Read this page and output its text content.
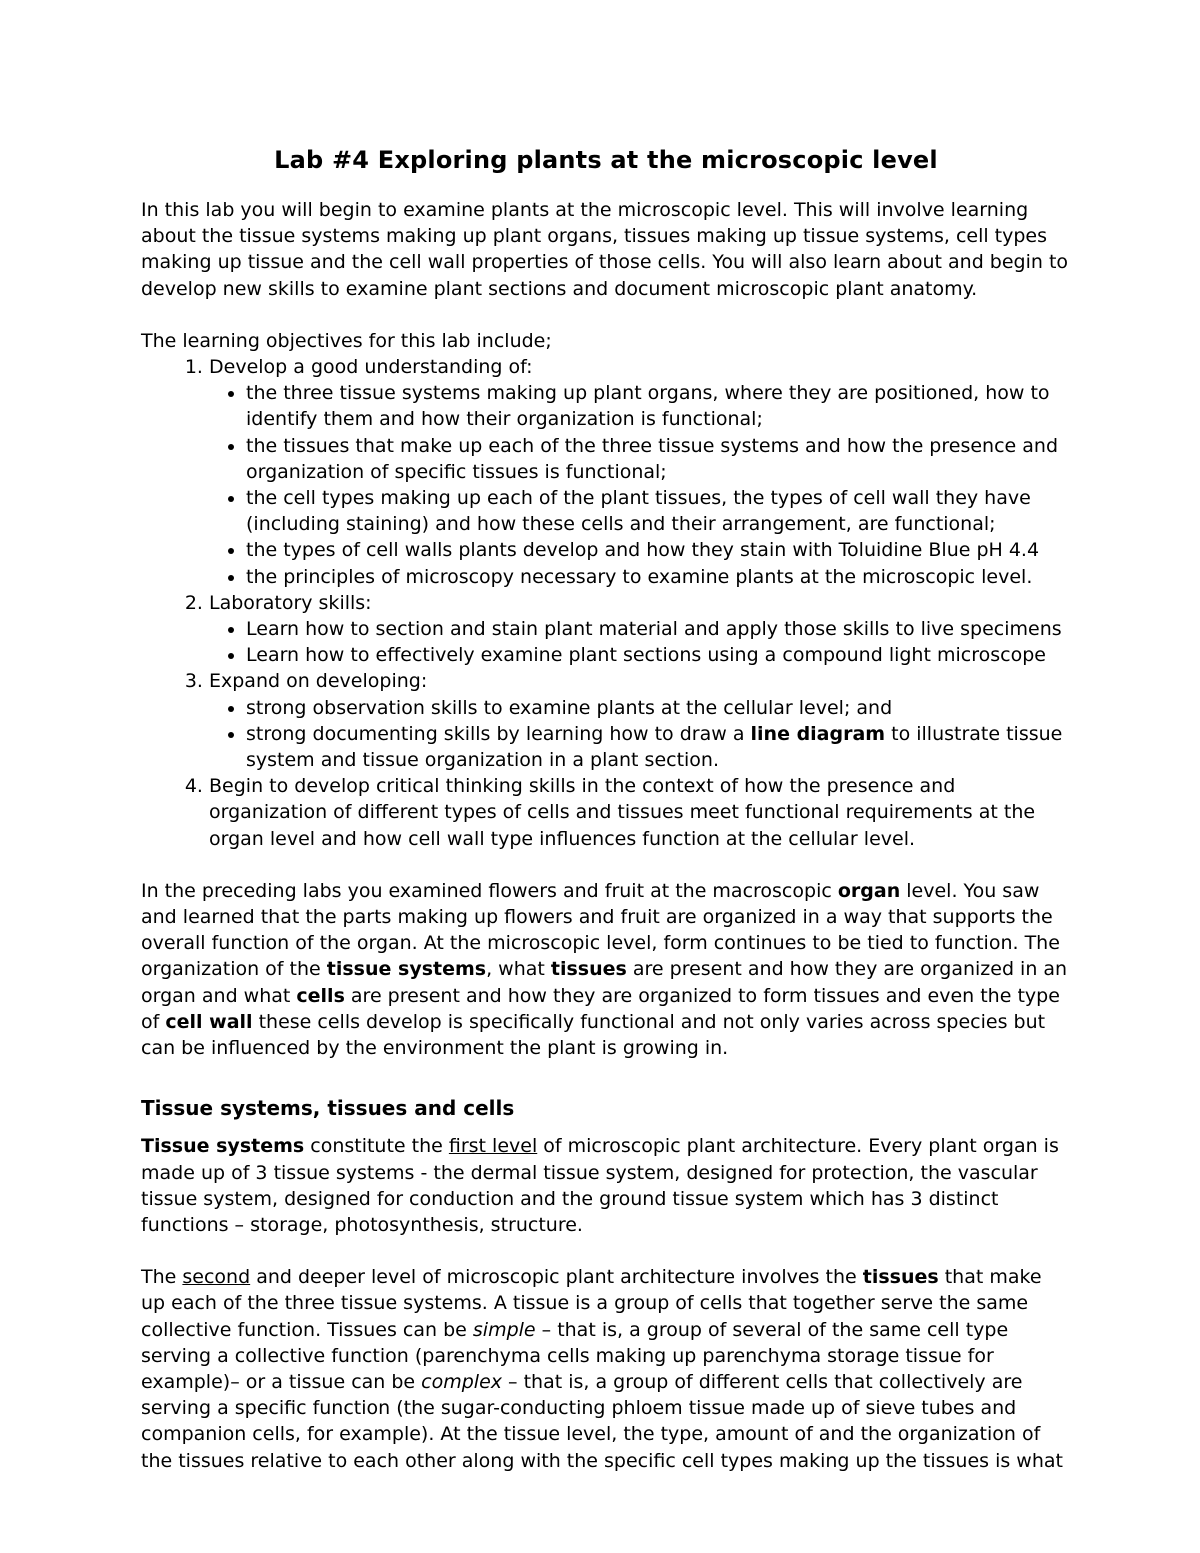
Lab #4 Exploring plants at the microscopic level

In this lab you will begin to examine plants at the microscopic level. This will involve learning about the tissue systems making up plant organs, tissues making up tissue systems, cell types making up tissue and the cell wall properties of those cells. You will also learn about and begin to develop new skills to examine plant sections and document microscopic plant anatomy.

The learning objectives for this lab include;

1. Develop a good understanding of:
• the three tissue systems making up plant organs, where they are positioned, how to identify them and how their organization is functional;
• the tissues that make up each of the three tissue systems and how the presence and organization of specific tissues is functional;
• the cell types making up each of the plant tissues, the types of cell wall they have (including staining) and how these cells and their arrangement, are functional;
• the types of cell walls plants develop and how they stain with Toluidine Blue pH 4.4
• the principles of microscopy necessary to examine plants at the microscopic level.
2. Laboratory skills:
• Learn how to section and stain plant material and apply those skills to live specimens
• Learn how to effectively examine plant sections using a compound light microscope
3. Expand on developing:
• strong observation skills to examine plants at the cellular level; and
• strong documenting skills by learning how to draw a line diagram to illustrate tissue system and tissue organization in a plant section.
4. Begin to develop critical thinking skills in the context of how the presence and organization of different types of cells and tissues meet functional requirements at the organ level and how cell wall type influences function at the cellular level.

In the preceding labs you examined flowers and fruit at the macroscopic organ level. You saw and learned that the parts making up flowers and fruit are organized in a way that supports the overall function of the organ. At the microscopic level, form continues to be tied to function. The organization of the tissue systems, what tissues are present and how they are organized in an organ and what cells are present and how they are organized to form tissues and even the type of cell wall these cells develop is specifically functional and not only varies across species but can be influenced by the environment the plant is growing in.

Tissue systems, tissues and cells

Tissue systems constitute the first level of microscopic plant architecture. Every plant organ is made up of 3 tissue systems - the dermal tissue system, designed for protection, the vascular tissue system, designed for conduction and the ground tissue system which has 3 distinct functions – storage, photosynthesis, structure.

The second and deeper level of microscopic plant architecture involves the tissues that make up each of the three tissue systems. A tissue is a group of cells that together serve the same collective function. Tissues can be simple – that is, a group of several of the same cell type serving a collective function (parenchyma cells making up parenchyma storage tissue for example)– or a tissue can be complex – that is, a group of different cells that collectively are serving a specific function (the sugar-conducting phloem tissue made up of sieve tubes and companion cells, for example). At the tissue level, the type, amount of and the organization of the tissues relative to each other along with the specific cell types making up the tissues is what
